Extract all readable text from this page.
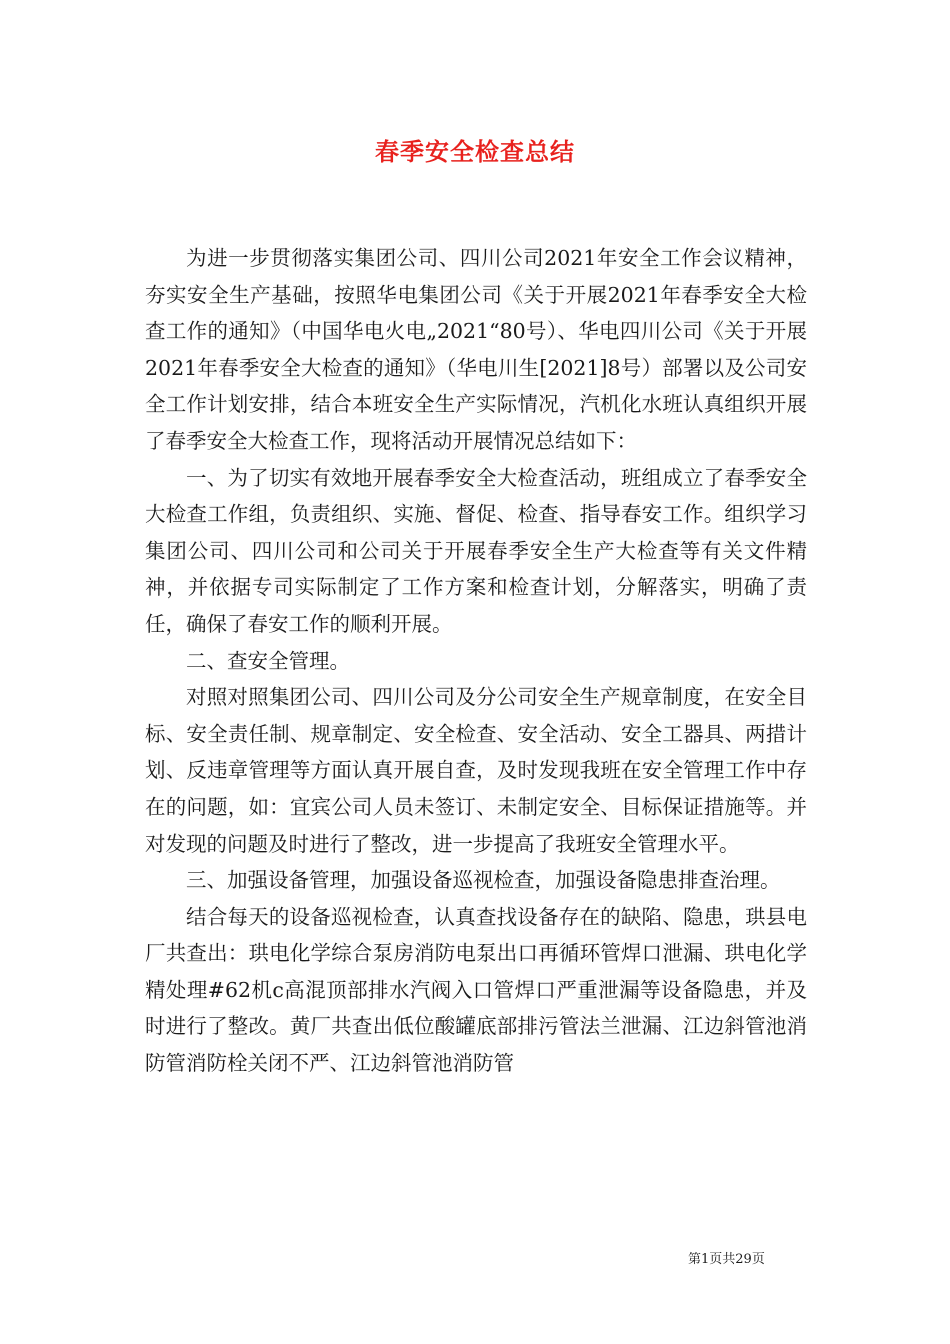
春季安全检查总结

为进一步贯彻落实集团公司、四川公司2021年安全工作会议精神，夯实安全生产基础，按照华电集团公司《关于开展2021年春季安全大检查工作的通知》（中国华电火电„2021“80号）、华电四川公司《关于开展2021年春季安全大检查的通知》（华电川生[2021]8号）部署以及公司安全工作计划安排，结合本班安全生产实际情况，汽机化水班认真组织开展了春季安全大检查工作，现将活动开展情况总结如下：

一、为了切实有效地开展春季安全大检查活动，班组成立了春季安全大检查工作组，负责组织、实施、督促、检查、指导春安工作。组织学习集团公司、四川公司和公司关于开展春季安全生产大检查等有关文件精神，并依据专司实际制定了工作方案和检查计划，分解落实，明确了责任，确保了春安工作的顺利开展。

二、查安全管理。

对照对照集团公司、四川公司及分公司安全生产规章制度，在安全目标、安全责任制、规章制定、安全检查、安全活动、安全工器具、两措计划、反违章管理等方面认真开展自查，及时发现我班在安全管理工作中存在的问题，如：宜宾公司人员未签订、未制定安全、目标保证措施等。并对发现的问题及时进行了整改，进一步提高了我班安全管理水平。

三、加强设备管理，加强设备巡视检查，加强设备隐患排查治理。

结合每天的设备巡视检查，认真查找设备存在的缺陷、隐患，珙县电厂共查出：珙电化学综合泵房消防电泵出口再循环管焊口泄漏、珙电化学精处理#62机c高混顶部排水汽阀入口管焊口严重泄漏等设备隐患，并及时进行了整改。黄厂共查出低位酸罐底部排污管法兰泄漏、江边斜管池消防管消防栓关闭不严、江边斜管池消防管

第1页共29页
